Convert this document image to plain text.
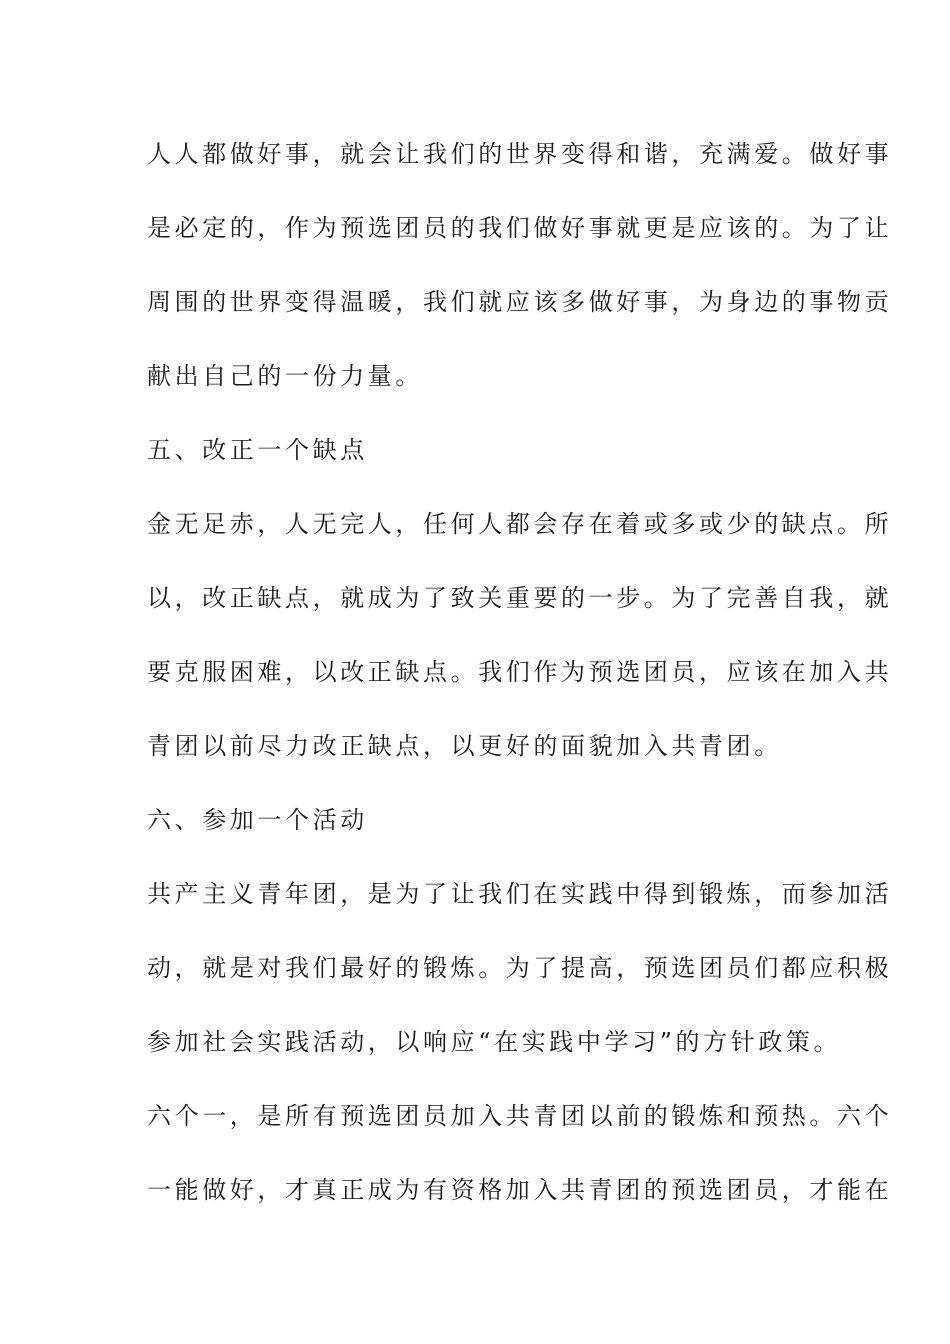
人人都做好事，就会让我们的世界变得和谐，充满爱。做好事
是必定的，作为预选团员的我们做好事就更是应该的。为了让
周围的世界变得温暖，我们就应该多做好事，为身边的事物贡
献出自己的一份力量。
五、改正一个缺点
金无足赤，人无完人，任何人都会存在着或多或少的缺点。所
以，改正缺点，就成为了致关重要的一步。为了完善自我，就
要克服困难，以改正缺点。我们作为预选团员，应该在加入共
青团以前尽力改正缺点，以更好的面貌加入共青团。
六、参加一个活动
共产主义青年团，是为了让我们在实践中得到锻炼，而参加活
动，就是对我们最好的锻炼。为了提高，预选团员们都应积极
参加社会实践活动，以响应“在实践中学习”的方针政策。
六个一，是所有预选团员加入共青团以前的锻炼和预热。六个
一能做好，才真正成为有资格加入共青团的预选团员，才能在
